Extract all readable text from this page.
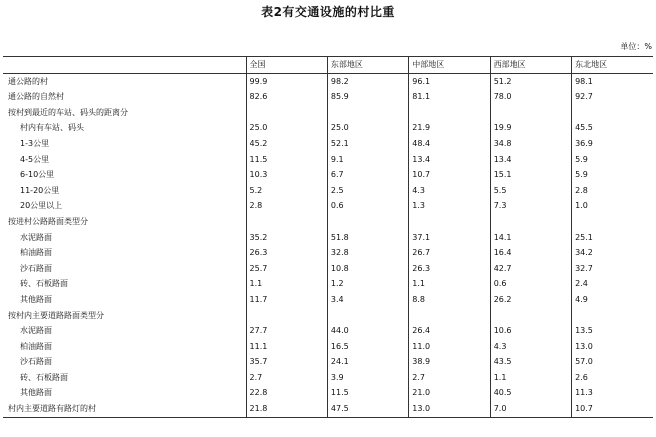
表2有交通设施的村比重
单位：%
	全国	东部地区	中部地区	西部地区	东北地区
通公路的村	99.9	98.2	96.1	51.2	98.1
通公路的自然村	82.6	85.9	81.1	78.0	92.7
按村到最近的车站、码头的距离分					
村内有车站、码头	25.0	25.0	21.9	19.9	45.5
1-3公里	45.2	52.1	48.4	34.8	36.9
4-5公里	11.5	9.1	13.4	13.4	5.9
6-10公里	10.3	6.7	10.7	15.1	5.9
11-20公里	5.2	2.5	4.3	5.5	2.8
20公里以上	2.8	0.6	1.3	7.3	1.0
按进村公路路面类型分					
水泥路面	35.2	51.8	37.1	14.1	25.1
柏油路面	26.3	32.8	26.7	16.4	34.2
沙石路面	25.7	10.8	26.3	42.7	32.7
砖、石板路面	1.1	1.2	1.1	0.6	2.4
其他路面	11.7	3.4	8.8	26.2	4.9
按村内主要道路路面类型分					
水泥路面	27.7	44.0	26.4	10.6	13.5
柏油路面	11.1	16.5	11.0	4.3	13.0
沙石路面	35.7	24.1	38.9	43.5	57.0
砖、石板路面	2.7	3.9	2.7	1.1	2.6
其他路面	22.8	11.5	21.0	40.5	11.3
村内主要道路有路灯的村	21.8	47.5	13.0	7.0	10.7
